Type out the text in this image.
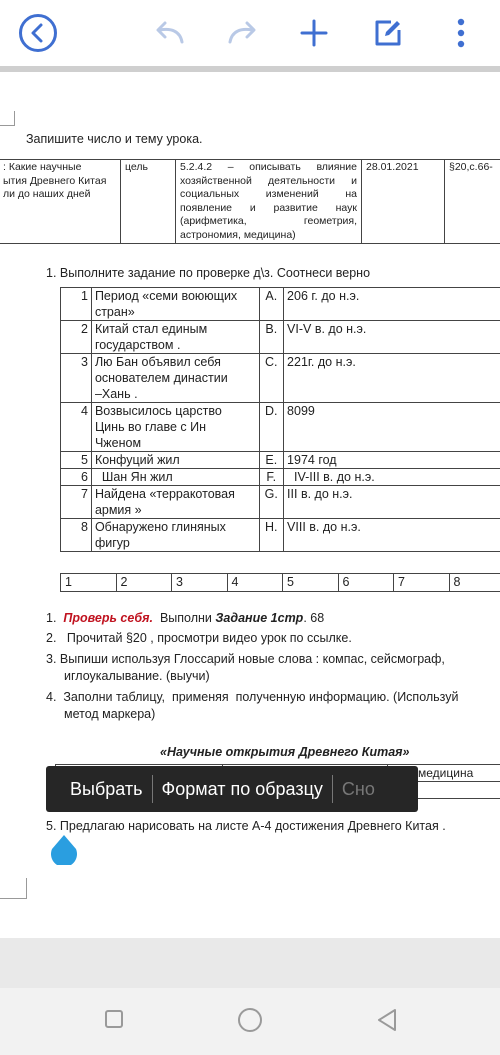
Запишите число и тему урока.
: Какие научные
ытия Древнего Китая
ли до наших дней
	цель	5.2.4.2 – описывать влияние
хозяйственной деятельности и
социальных изменений на
появление и развитие наук
(арифметика, геометрия,
астрономия, медицина)
	28.01.2021	§20,с.66-
1. Выполните задание по проверке д\з. Соотнеси верно
1	Период «семи воюющих
стран»	A.	206 г. до н.э.
2	Китай стал единым
государством .	B.	VI-V в. до н.э.
3	Лю Бан объявил себя
основателем династии
–Хань .	C.	221г. до н.э.
4	Возвысилось царство
Цинь во главе с Ин
Чженом	D.	8099
5	Конфуций жил	E.	1974 год
6	Шан Ян жил	F.	IV-III в. до н.э.
7	Найдена «терракотовая
армия »	G.	III в. до н.э.
8	Обнаружено глиняных
фигур	H.	VIII в. до н.э.
1	2	3	4	5	6	7	8
1. Проверь себя.  Выполни Задание 1стр. 68
2.   Прочитай §20 , просмотри видео урок по ссылке.
3. Выпиши используя Глоссарий новые слова : компас, сейсмограф,
иглоукалывание. (выучи)
4.  Заполни таблицу,  применяя  полученную информацию. (Используй
метод маркера)
«Научные открытия Древнего Китая»
		медицина

5. Предлагаю нарисовать на листе А-4 достижения Древнего Китая .
Выбрать	Формат по образцу	Сно
